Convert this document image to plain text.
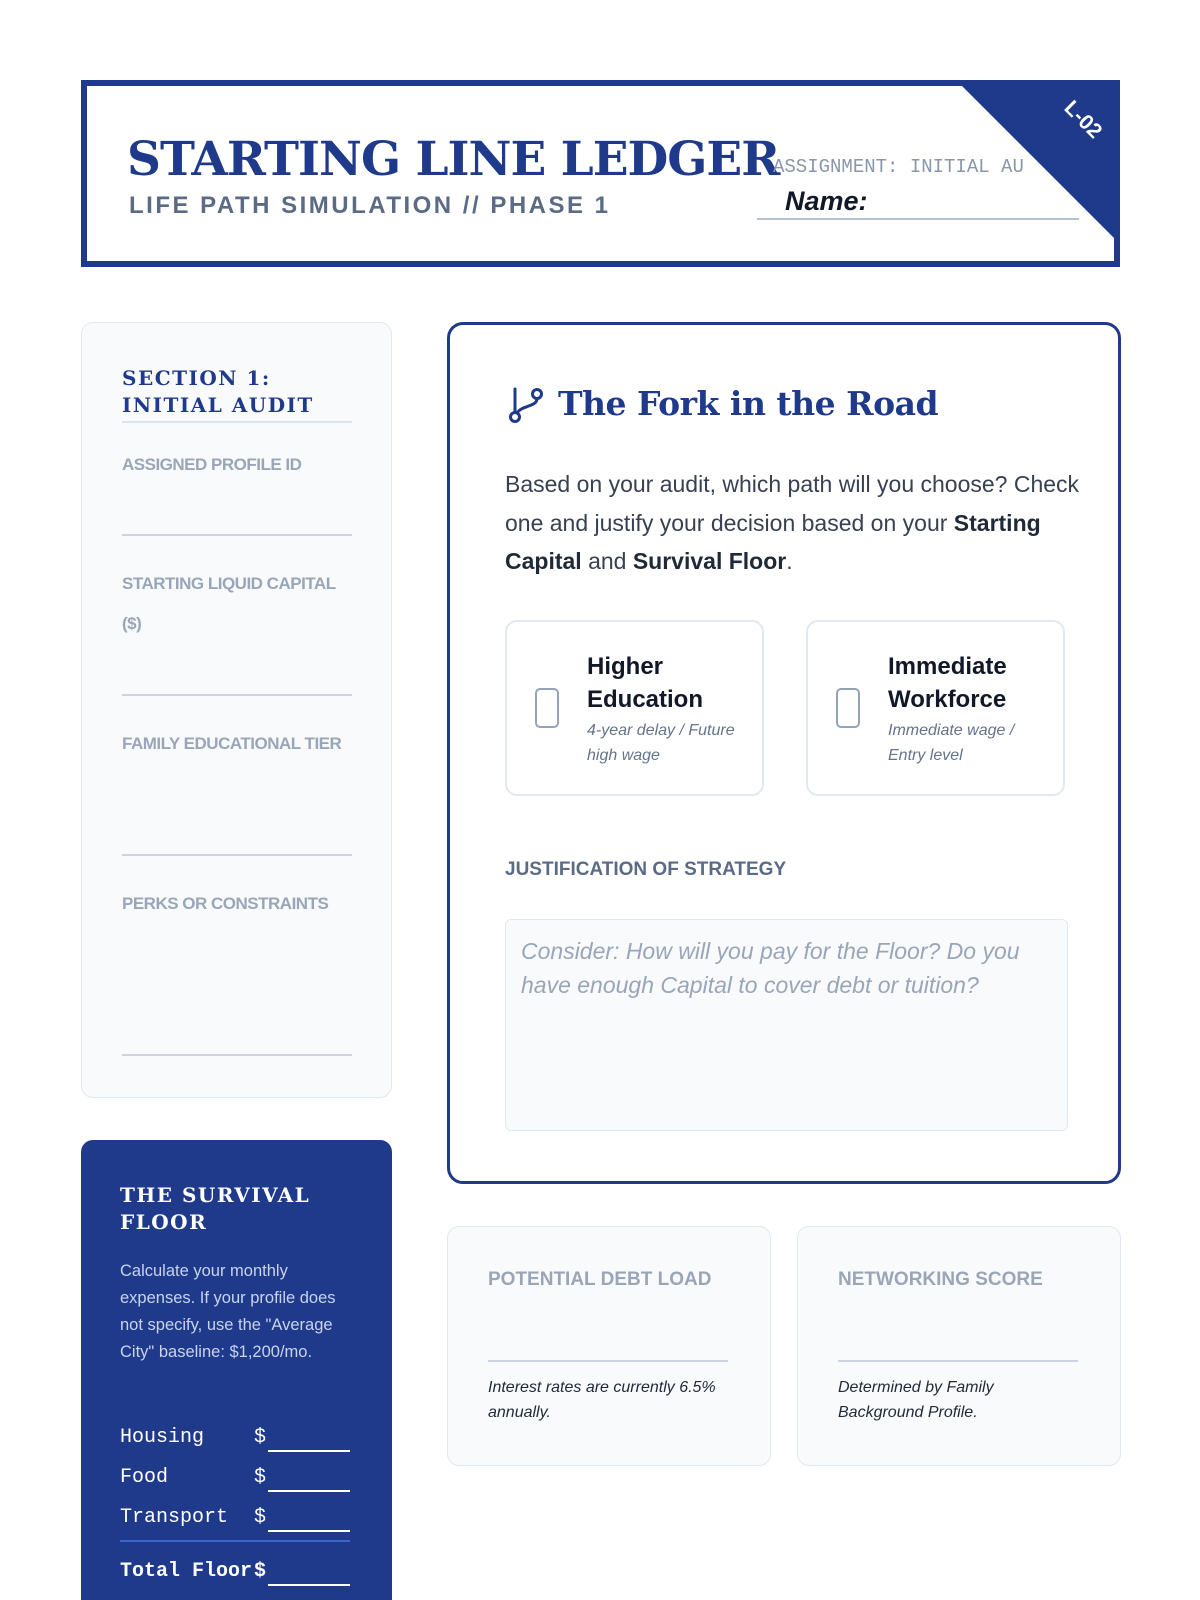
STARTING LINE LEDGER
LIFE PATH SIMULATION // PHASE 1
ASSIGNMENT: INITIAL AU
Name:
L-02
SECTION 1: INITIAL AUDIT
ASSIGNED PROFILE ID
STARTING LIQUID CAPITAL ($)
FAMILY EDUCATIONAL TIER
PERKS OR CONSTRAINTS
THE SURVIVAL FLOOR
Calculate your monthly expenses. If your profile does not specify, use the "Average City" baseline: $1,200/mo.
Housing $
Food	$
Transport $
Total Floor $
The Fork in the Road
Based on your audit, which path will you choose? Check one and justify your decision based on your Starting Capital and Survival Floor.
Higher Education
4-year delay / Future high wage
Immediate Workforce
Immediate wage / Entry level
JUSTIFICATION OF STRATEGY
Consider: How will you pay for the Floor? Do you have enough Capital to cover debt or tuition?
POTENTIAL DEBT LOAD
Interest rates are currently 6.5% annually.
NETWORKING SCORE
Determined by Family Background Profile.
